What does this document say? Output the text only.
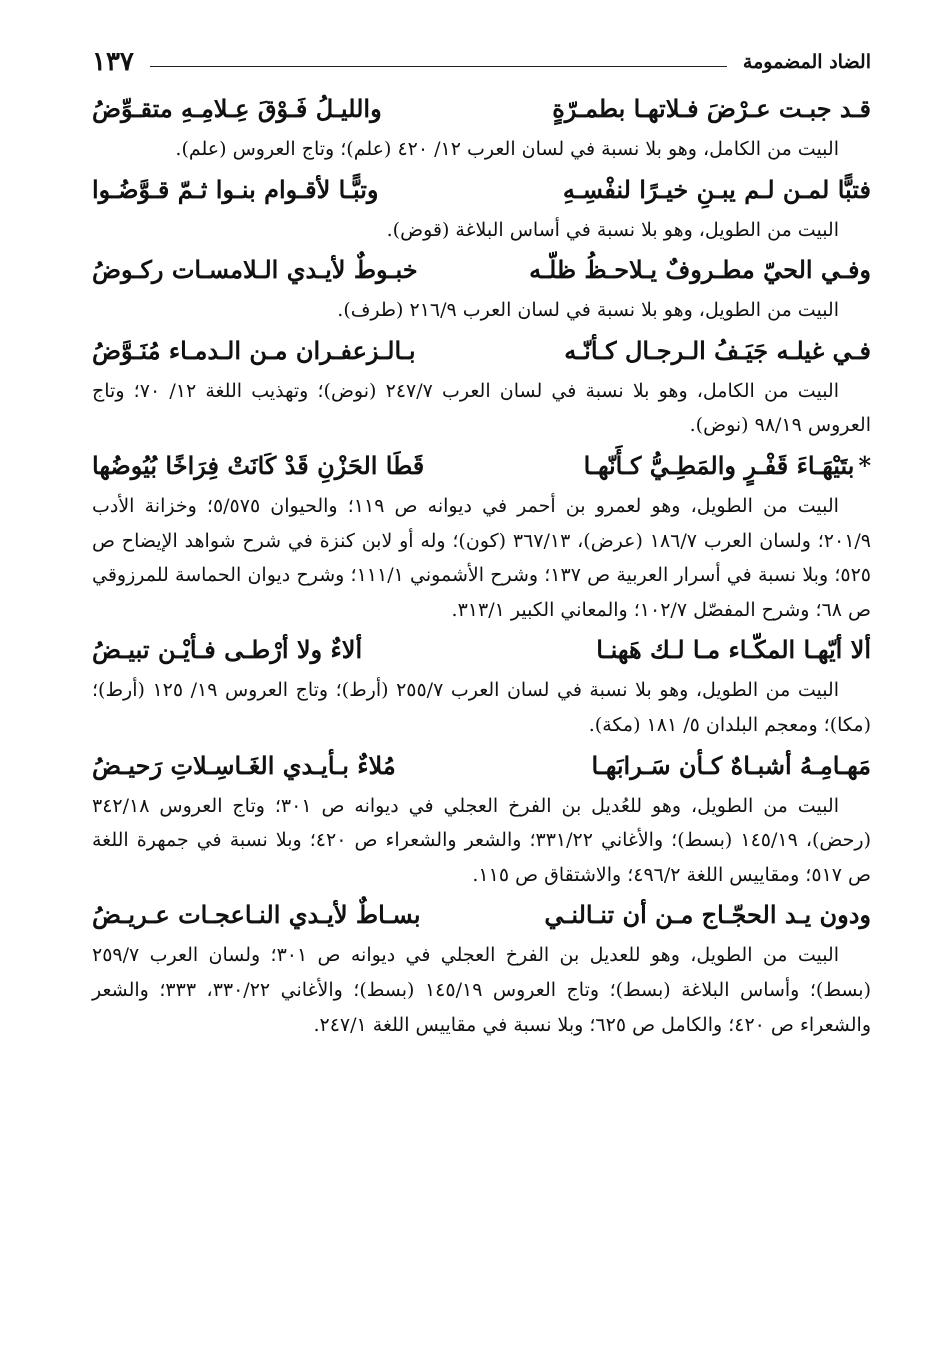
الضاد المضمومة
١٣٧
قـد جبـت عـرْضَ فـلاتهـا بطمـرّةٍ
والليـلُ فَـوْقَ عِـلامِـهِ متقـوِّضُ

البيت من الكامل، وهو بلا نسبة في لسان العرب ١٢/ ٤٢٠ (علم)؛ وتاج العروس (علم).

فتبًّا لمـن لـم يبـنِ خيـرًا لنفْسِـهِ
وتبًّـا لأقـوام بنـوا ثـمّ قـوَّضُـوا

البيت من الطويل، وهو بلا نسبة في أساس البلاغة (قوض).

وفـي الحيّ مطـروفٌ يـلاحـظُ ظلّـه
خبـوطٌ لأيـدي الـلامسـات ركـوضُ

البيت من الطويل، وهو بلا نسبة في لسان العرب ٢١٦/٩ (طرف).

فـي غيلـه جَيَـفُ الـرجـال كـأنّـه
بـالـزعفـران مـن الـدمـاء مُنَـوَّضُ

البيت من الكامل، وهو بلا نسبة في لسان العرب ٢٤٧/٧ (نوض)؛ وتهذيب اللغة ١٢/ ٧٠؛ وتاج العروس ٩٨/١٩ (نوض).

*بتَيْهَـاءَ قَفْـرٍ والمَطِـيُّ كـأَنّهـا
قَطَا الحَزْنِ قَدْ كَانَتْ فِرَاخًا بُيُوضُها

البيت من الطويل، وهو لعمرو بن أحمر في ديوانه ص ١١٩؛ والحيوان ٥/٥٧٥؛ وخزانة الأدب ٢٠١/٩؛ ولسان العرب ١٨٦/٧ (عرض)، ٣٦٧/١٣ (كون)؛ وله أو لابن كنزة في شرح شواهد الإيضاح ص ٥٢٥؛ وبلا نسبة في أسرار العربية ص ١٣٧؛ وشرح الأشموني ١١١/١؛ وشرح ديوان الحماسة للمرزوقي ص ٦٨؛ وشرح المفصّل ١٠٢/٧؛ والمعاني الكبير ٣١٣/١.

ألا أيّهـا المكّـاء مـا لـك هَهنـا
ألاءٌ ولا أرْطـى فـأيْـن تبيـضُ

البيت من الطويل، وهو بلا نسبة في لسان العرب ٢٥٥/٧ (أرط)؛ وتاج العروس ١٩/ ١٢٥ (أرط)؛ (مكا)؛ ومعجم البلدان ٥/ ١٨١ (مكة).

مَهـامِـهُ أشبـاهٌ كـأن سَـرابَهـا
مُلاءٌ بـأيـدي الغَـاسِـلاتِ رَحيـضُ

البيت من الطويل، وهو للعُديل بن الفرخ العجلي في ديوانه ص ٣٠١؛ وتاج العروس ٣٤٢/١٨ (رحض)، ١٤٥/١٩ (بسط)؛ والأغاني ٣٣١/٢٢؛ والشعر والشعراء ص ٤٢٠؛ وبلا نسبة في جمهرة اللغة ص ٥١٧؛ ومقاييس اللغة ٤٩٦/٢؛ والاشتقاق ص ١١٥.

ودون يـد الحجّـاج مـن أن تنـالنـي
بسـاطٌ لأيـدي النـاعجـات عـريـضُ

البيت من الطويل، وهو للعديل بن الفرخ العجلي في ديوانه ص ٣٠١؛ ولسان العرب ٢٥٩/٧ (بسط)؛ وأساس البلاغة (بسط)؛ وتاج العروس ١٤٥/١٩ (بسط)؛ والأغاني ٣٣٠/٢٢، ٣٣٣؛ والشعر والشعراء ص ٤٢٠؛ والكامل ص ٦٢٥؛ وبلا نسبة في مقاييس اللغة ٢٤٧/١.
